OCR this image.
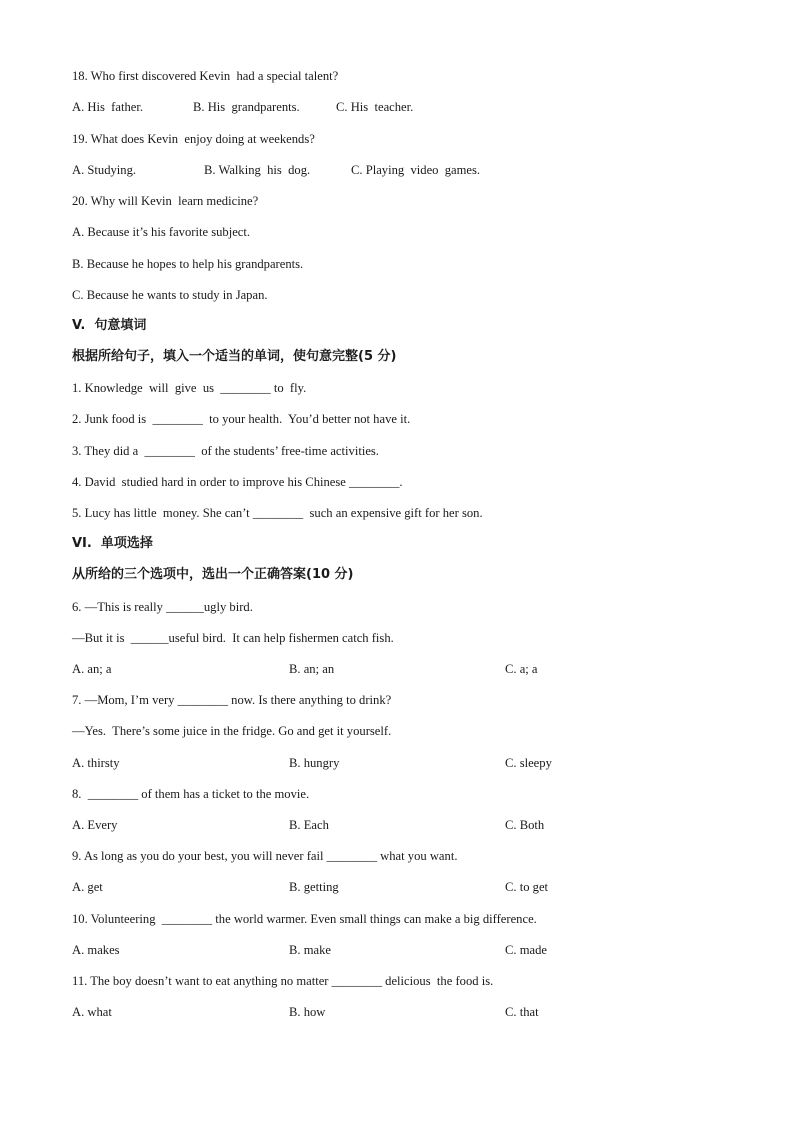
18. Who first discovered Kevin  had a special talent?
A. His  father.	B. His  grandparents.	C. His  teacher.
19. What does Kevin  enjoy doing at weekends?
A. Studying.	B. Walking  his  dog.	C. Playing  video  games.
20. Why will Kevin  learn medicine?
A. Because it’s his favorite subject.
B. Because he hopes to help his grandparents.
C. Because he wants to study in Japan.
V.  句意填词
根据所给句子，填入一个适当的单词，使句意完整(5 分)
1. Knowledge  will  give  us  ________ to  fly.
2. Junk food is  ________  to your health.  You’d better not have it.
3. They did a  ________  of the students’ free-time activities.
4. David  studied hard in order to improve his Chinese ________.
5. Lucy has little  money. She can’t ________  such an expensive gift for her son.
VI.  单项选择
从所给的三个选项中，选出一个正确答案(10 分)
6. —This is really ______ugly bird.
—But it is  ______useful bird.  It can help fishermen catch fish.
A. an; a	B. an; an	C. a; a
7. —Mom, I’m very ________ now. Is there anything to drink?
—Yes.  There’s some juice in the fridge. Go and get it yourself.
A. thirsty	B. hungry	C. sleepy
8.  ________ of them has a ticket to the movie.
A. Every	B. Each	C. Both
9. As long as you do your best, you will never fail ________ what you want.
A. get	B. getting	C. to get
10. Volunteering  ________ the world warmer. Even small things can make a big difference.
A. makes	B. make	C. made
11. The boy doesn’t want to eat anything no matter ________ delicious  the food is.
A. what	B. how	C. that
